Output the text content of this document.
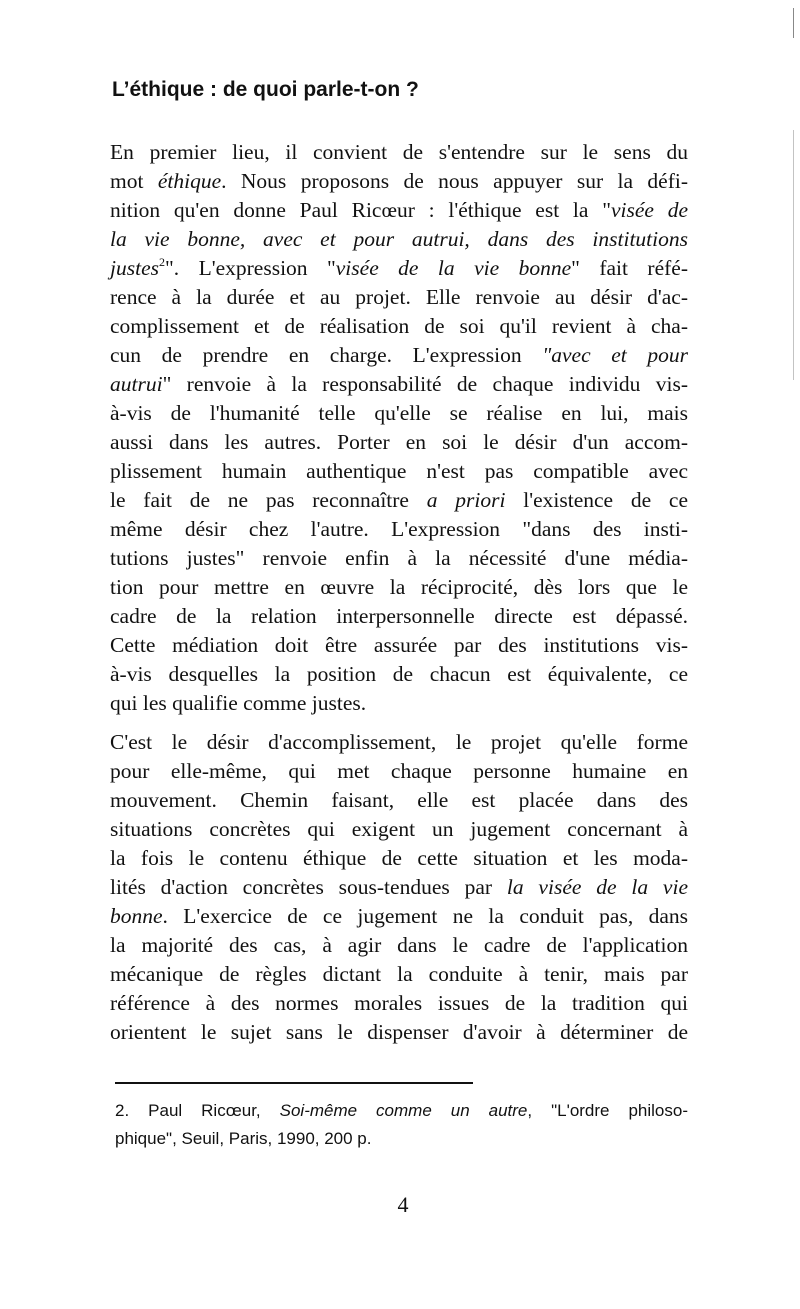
L’éthique : de quoi parle-t-on ?
En premier lieu, il convient de s'entendre sur le sens du
mot éthique. Nous proposons de nous appuyer sur la défi-
nition qu'en donne Paul Ricœur : l'éthique est la "visée de
la vie bonne, avec et pour autrui, dans des institutions
justes$^2$". L'expression "visée de la vie bonne" fait réfé-
rence à la durée et au projet. Elle renvoie au désir d'ac-
complissement et de réalisation de soi qu'il revient à cha-
cun de prendre en charge. L'expression "avec et pour
autrui" renvoie à la responsabilité de chaque individu vis-
à-vis de l'humanité telle qu'elle se réalise en lui, mais
aussi dans les autres. Porter en soi le désir d'un accom-
plissement humain authentique n'est pas compatible avec
le fait de ne pas reconnaître a priori l'existence de ce
même désir chez l'autre. L'expression "dans des insti-
tutions justes" renvoie enfin à la nécessité d'une média-
tion pour mettre en œuvre la réciprocité, dès lors que le
cadre de la relation interpersonnelle directe est dépassé.
Cette médiation doit être assurée par des institutions vis-
à-vis desquelles la position de chacun est équivalente, ce
qui les qualifie comme justes.
C'est le désir d'accomplissement, le projet qu'elle forme
pour elle-même, qui met chaque personne humaine en
mouvement. Chemin faisant, elle est placée dans des
situations concrètes qui exigent un jugement concernant à
la fois le contenu éthique de cette situation et les moda-
lités d'action concrètes sous-tendues par la visée de la vie
bonne. L'exercice de ce jugement ne la conduit pas, dans
la majorité des cas, à agir dans le cadre de l'application
mécanique de règles dictant la conduite à tenir, mais par
référence à des normes morales issues de la tradition qui
orientent le sujet sans le dispenser d'avoir à déterminer de
2. Paul Ricœur, Soi-même comme un autre, "L'ordre philoso-
phique", Seuil, Paris, 1990, 200 p.
4
